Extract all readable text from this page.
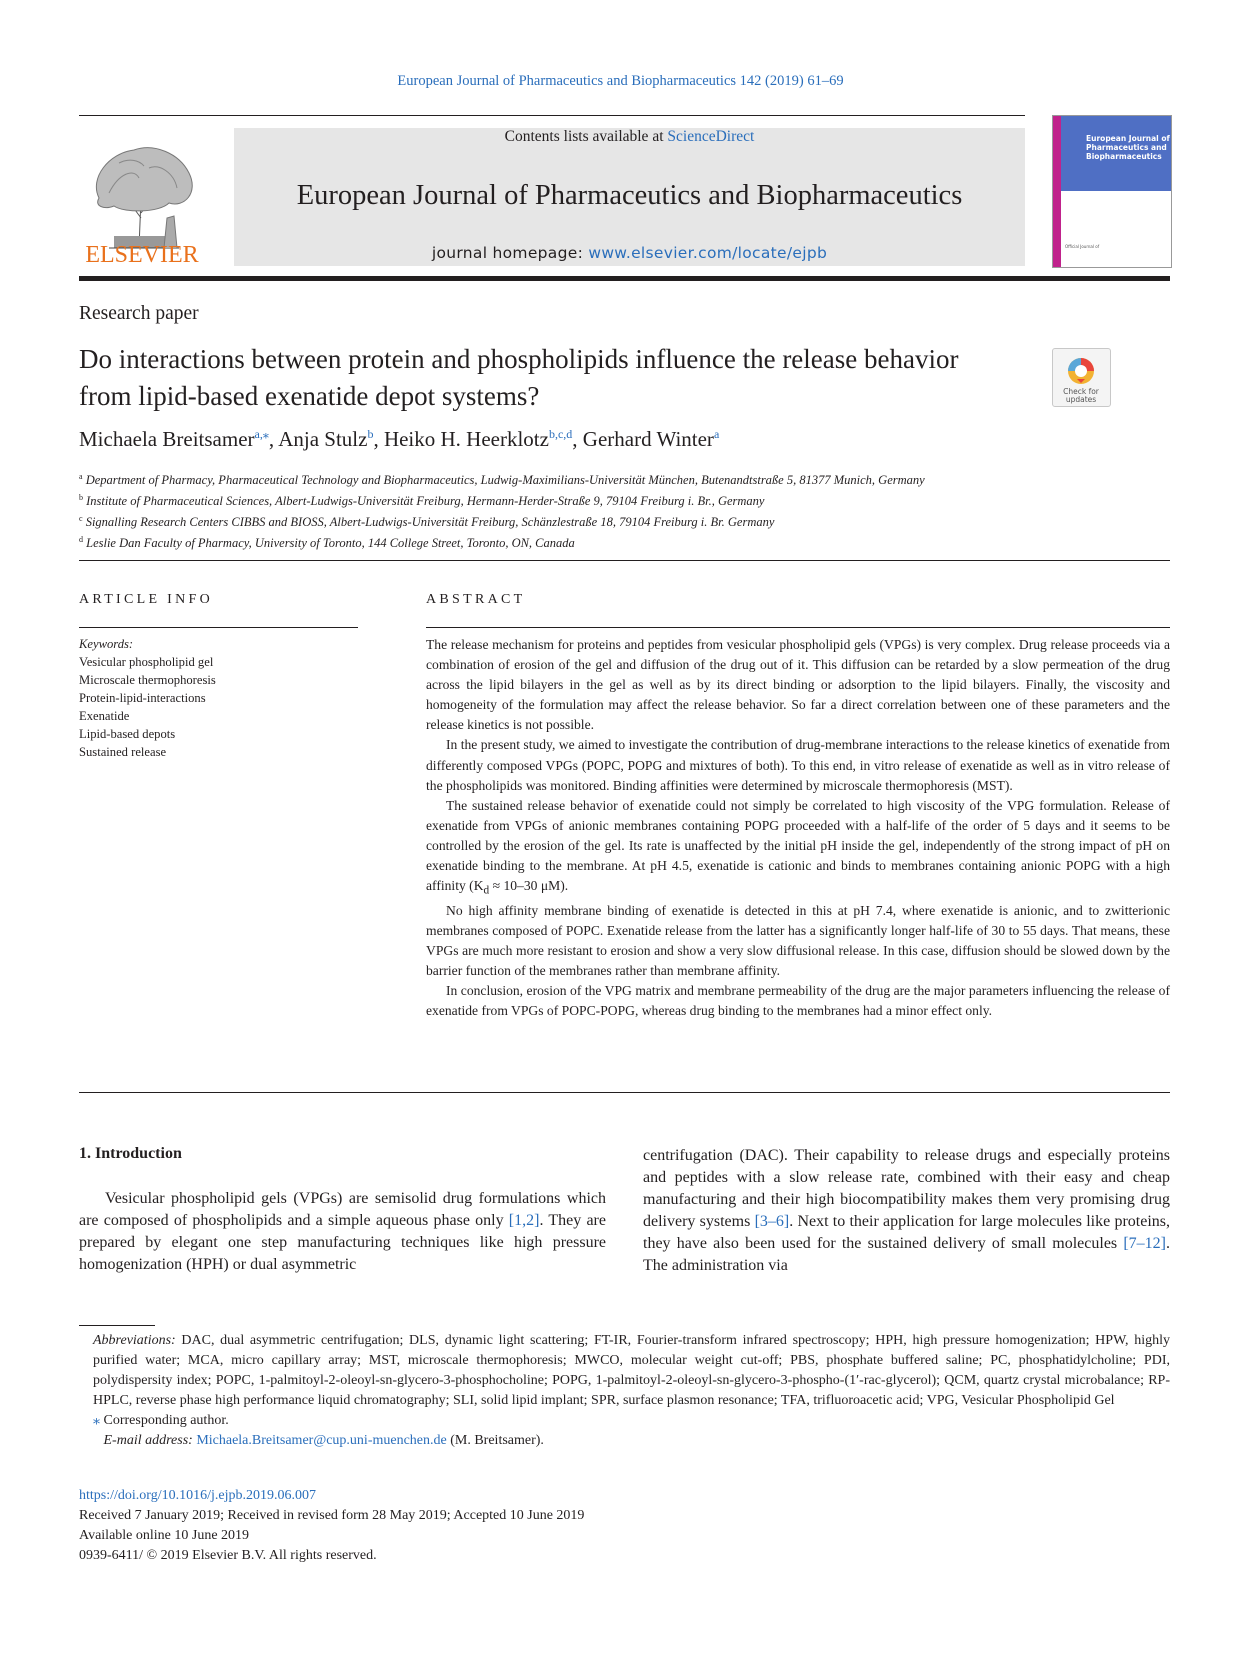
European Journal of Pharmaceutics and Biopharmaceutics 142 (2019) 61–69
ELSEVIER
Contents lists available at ScienceDirect
European Journal of Pharmaceutics and Biopharmaceutics
journal homepage: www.elsevier.com/locate/ejpb
European Journal of Pharmaceutics and Biopharmaceutics
Official Journal of
Research paper
Do interactions between protein and phospholipids influence the release behavior from lipid-based exenatide depot systems?	Check for
updates
Michaela Breitsamer$^{a,⁎}$, Anja Stulz$^b$, Heiko H. Heerklotz$^{b,c,d}$, Gerhard Winter$^a$
$^a$ Department of Pharmacy, Pharmaceutical Technology and Biopharmaceutics, Ludwig-Maximilians-Universität München, Butenandtstraße 5, 81377 Munich, Germany
$^b$ Institute of Pharmaceutical Sciences, Albert-Ludwigs-Universität Freiburg, Hermann-Herder-Straße 9, 79104 Freiburg i. Br., Germany
$^c$ Signalling Research Centers CIBBS and BIOSS, Albert-Ludwigs-Universität Freiburg, Schänzlestraße 18, 79104 Freiburg i. Br. Germany
$^d$ Leslie Dan Faculty of Pharmacy, University of Toronto, 144 College Street, Toronto, ON, Canada
ARTICLE INFO	ABSTRACT
Keywords:
Vesicular phospholipid gel
Microscale thermophoresis
Protein-lipid-interactions
Exenatide
Lipid-based depots
Sustained release

The release mechanism for proteins and peptides from vesicular phospholipid gels (VPGs) is very complex. Drug release proceeds via a combination of erosion of the gel and diffusion of the drug out of it. This diffusion can be retarded by a slow permeation of the drug across the lipid bilayers in the gel as well as by its direct binding or adsorption to the lipid bilayers. Finally, the viscosity and homogeneity of the formulation may affect the release behavior. So far a direct correlation between one of these parameters and the release kinetics is not possible.

In the present study, we aimed to investigate the contribution of drug-membrane interactions to the release kinetics of exenatide from differently composed VPGs (POPC, POPG and mixtures of both). To this end, in vitro release of exenatide as well as in vitro release of the phospholipids was monitored. Binding affinities were determined by microscale thermophoresis (MST).

The sustained release behavior of exenatide could not simply be correlated to high viscosity of the VPG formulation. Release of exenatide from VPGs of anionic membranes containing POPG proceeded with a half-life of the order of 5 days and it seems to be controlled by the erosion of the gel. Its rate is unaffected by the initial pH inside the gel, independently of the strong impact of pH on exenatide binding to the membrane. At pH 4.5, exenatide is cationic and binds to membranes containing anionic POPG with a high affinity ($K_d \approx 10-30$ μM).

No high affinity membrane binding of exenatide is detected in this at pH 7.4, where exenatide is anionic, and to zwitterionic membranes composed of POPC. Exenatide release from the latter has a significantly longer half-life of 30 to 55 days. That means, these VPGs are much more resistant to erosion and show a very slow diffusional release. In this case, diffusion should be slowed down by the barrier function of the membranes rather than membrane affinity.

In conclusion, erosion of the VPG matrix and membrane permeability of the drug are the major parameters influencing the release of exenatide from VPGs of POPC-POPG, whereas drug binding to the membranes had a minor effect only.

1. Introduction

Vesicular phospholipid gels (VPGs) are semisolid drug formulations which are composed of phospholipids and a simple aqueous phase only [1,2]. They are prepared by elegant one step manufacturing techniques like high pressure homogenization (HPH) or dual asymmetric

centrifugation (DAC). Their capability to release drugs and especially proteins and peptides with a slow release rate, combined with their easy and cheap manufacturing and their high biocompatibility makes them very promising drug delivery systems [3–6]. Next to their application for large molecules like proteins, they have also been used for the sustained delivery of small molecules [7–12]. The administration via

Abbreviations: DAC, dual asymmetric centrifugation; DLS, dynamic light scattering; FT-IR, Fourier-transform infrared spectroscopy; HPH, high pressure homogenization; HPW, highly purified water; MCA, micro capillary array; MST, microscale thermophoresis; MWCO, molecular weight cut-off; PBS, phosphate buffered saline; PC, phosphatidylcholine; PDI, polydispersity index; POPC, 1-palmitoyl-2-oleoyl-sn-glycero-3-phosphocholine; POPG, 1-palmitoyl-2-oleoyl-sn-glycero-3-phospho-(1′-rac-glycerol); QCM, quartz crystal microbalance; RP-HPLC, reverse phase high performance liquid chromatography; SLI, solid lipid implant; SPR, surface plasmon resonance; TFA, trifluoroacetic acid; VPG, Vesicular Phospholipid Gel

⁎ Corresponding author.

E-mail address: Michaela.Breitsamer@cup.uni-muenchen.de (M. Breitsamer).

https://doi.org/10.1016/j.ejpb.2019.06.007

Received 7 January 2019; Received in revised form 28 May 2019; Accepted 10 June 2019

Available online 10 June 2019

0939-6411/ © 2019 Elsevier B.V. All rights reserved.
